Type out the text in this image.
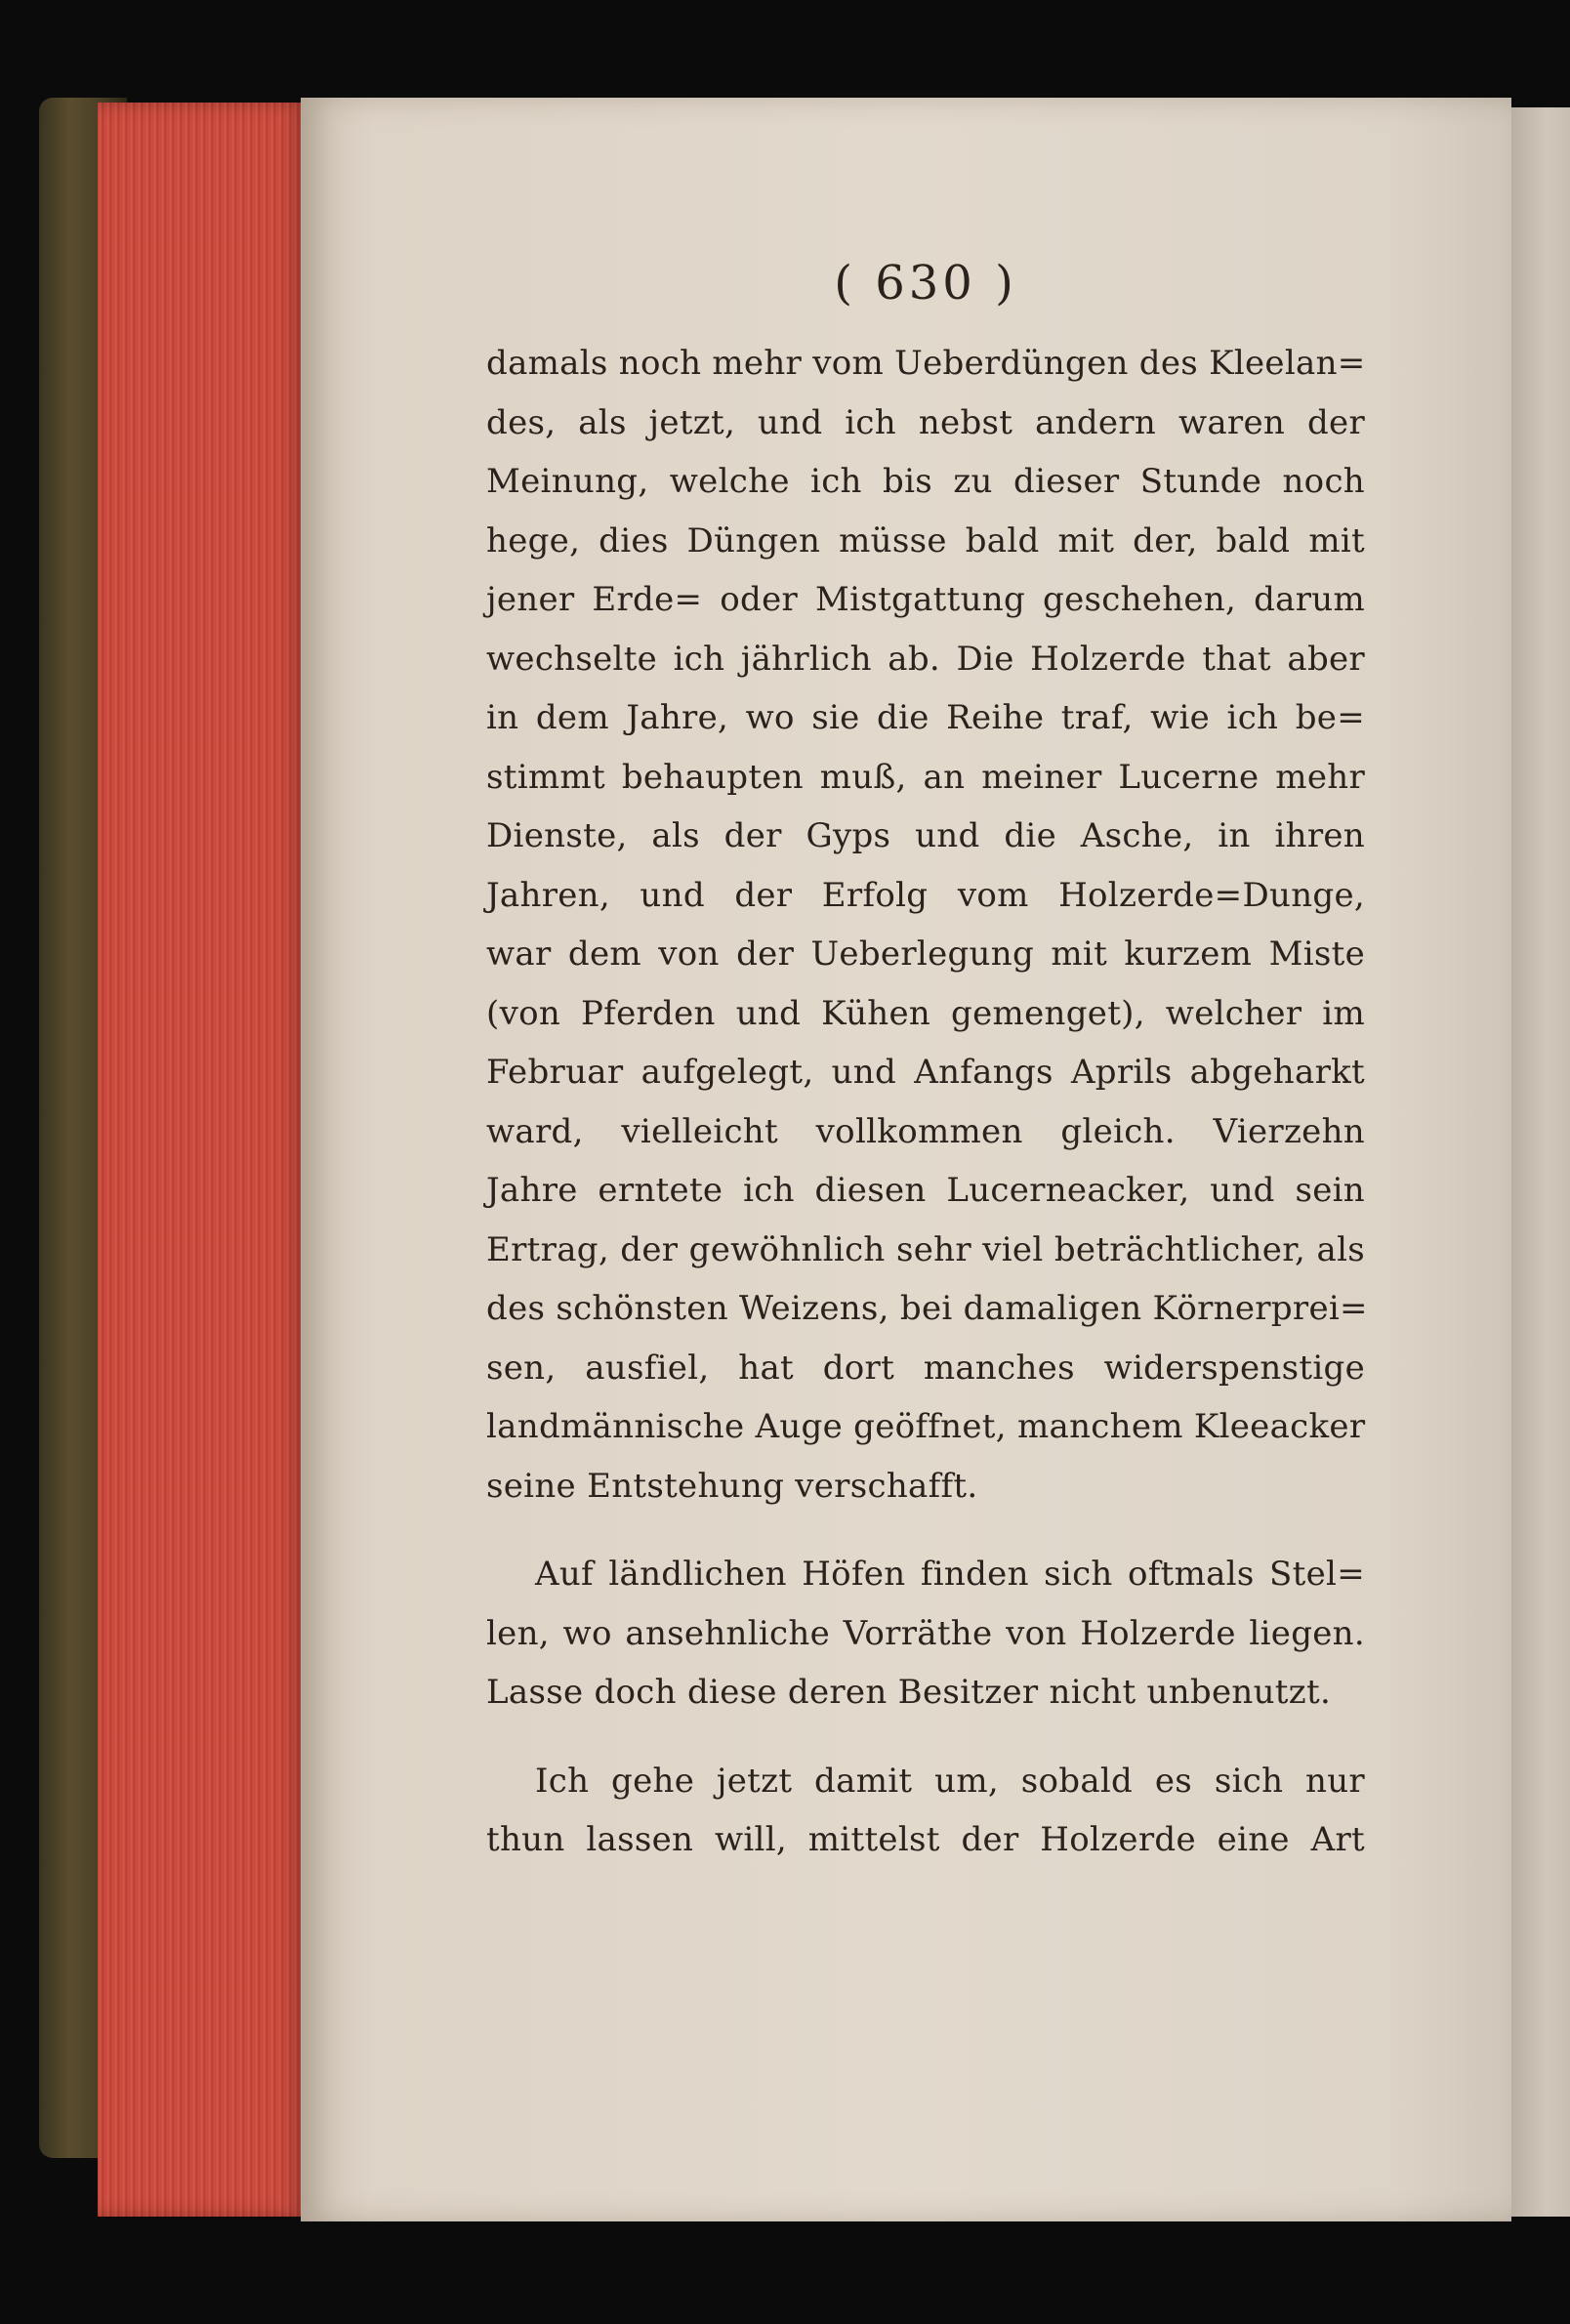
( 630 )
damals noch mehr vom Ueberdüngen des Kleelan=
des, als jetzt, und ich nebst andern waren der
Meinung, welche ich bis zu dieser Stunde noch
hege, dies Düngen müsse bald mit der, bald mit
jener Erde= oder Mistgattung geschehen, darum
wechselte ich jährlich ab. Die Holzerde that aber
in dem Jahre, wo sie die Reihe traf, wie ich be=
stimmt behaupten muß, an meiner Lucerne mehr
Dienste, als der Gyps und die Asche, in ihren
Jahren, und der Erfolg vom Holzerde=Dunge,
war dem von der Ueberlegung mit kurzem Miste
(von Pferden und Kühen gemenget), welcher im
Februar aufgelegt, und Anfangs Aprils abgeharkt
ward, vielleicht vollkommen gleich. Vierzehn
Jahre erntete ich diesen Lucerneacker, und sein
Ertrag, der gewöhnlich sehr viel beträchtlicher, als
des schönsten Weizens, bei damaligen Körnerprei=
sen, ausfiel, hat dort manches widerspenstige
landmännische Auge geöffnet, manchem Kleeacker
seine Entstehung verschafft.
Auf ländlichen Höfen finden sich oftmals Stel=
len, wo ansehnliche Vorräthe von Holzerde liegen.
Lasse doch diese deren Besitzer nicht unbenutzt.
Ich gehe jetzt damit um, sobald es sich nur
thun lassen will, mittelst der Holzerde eine Art
